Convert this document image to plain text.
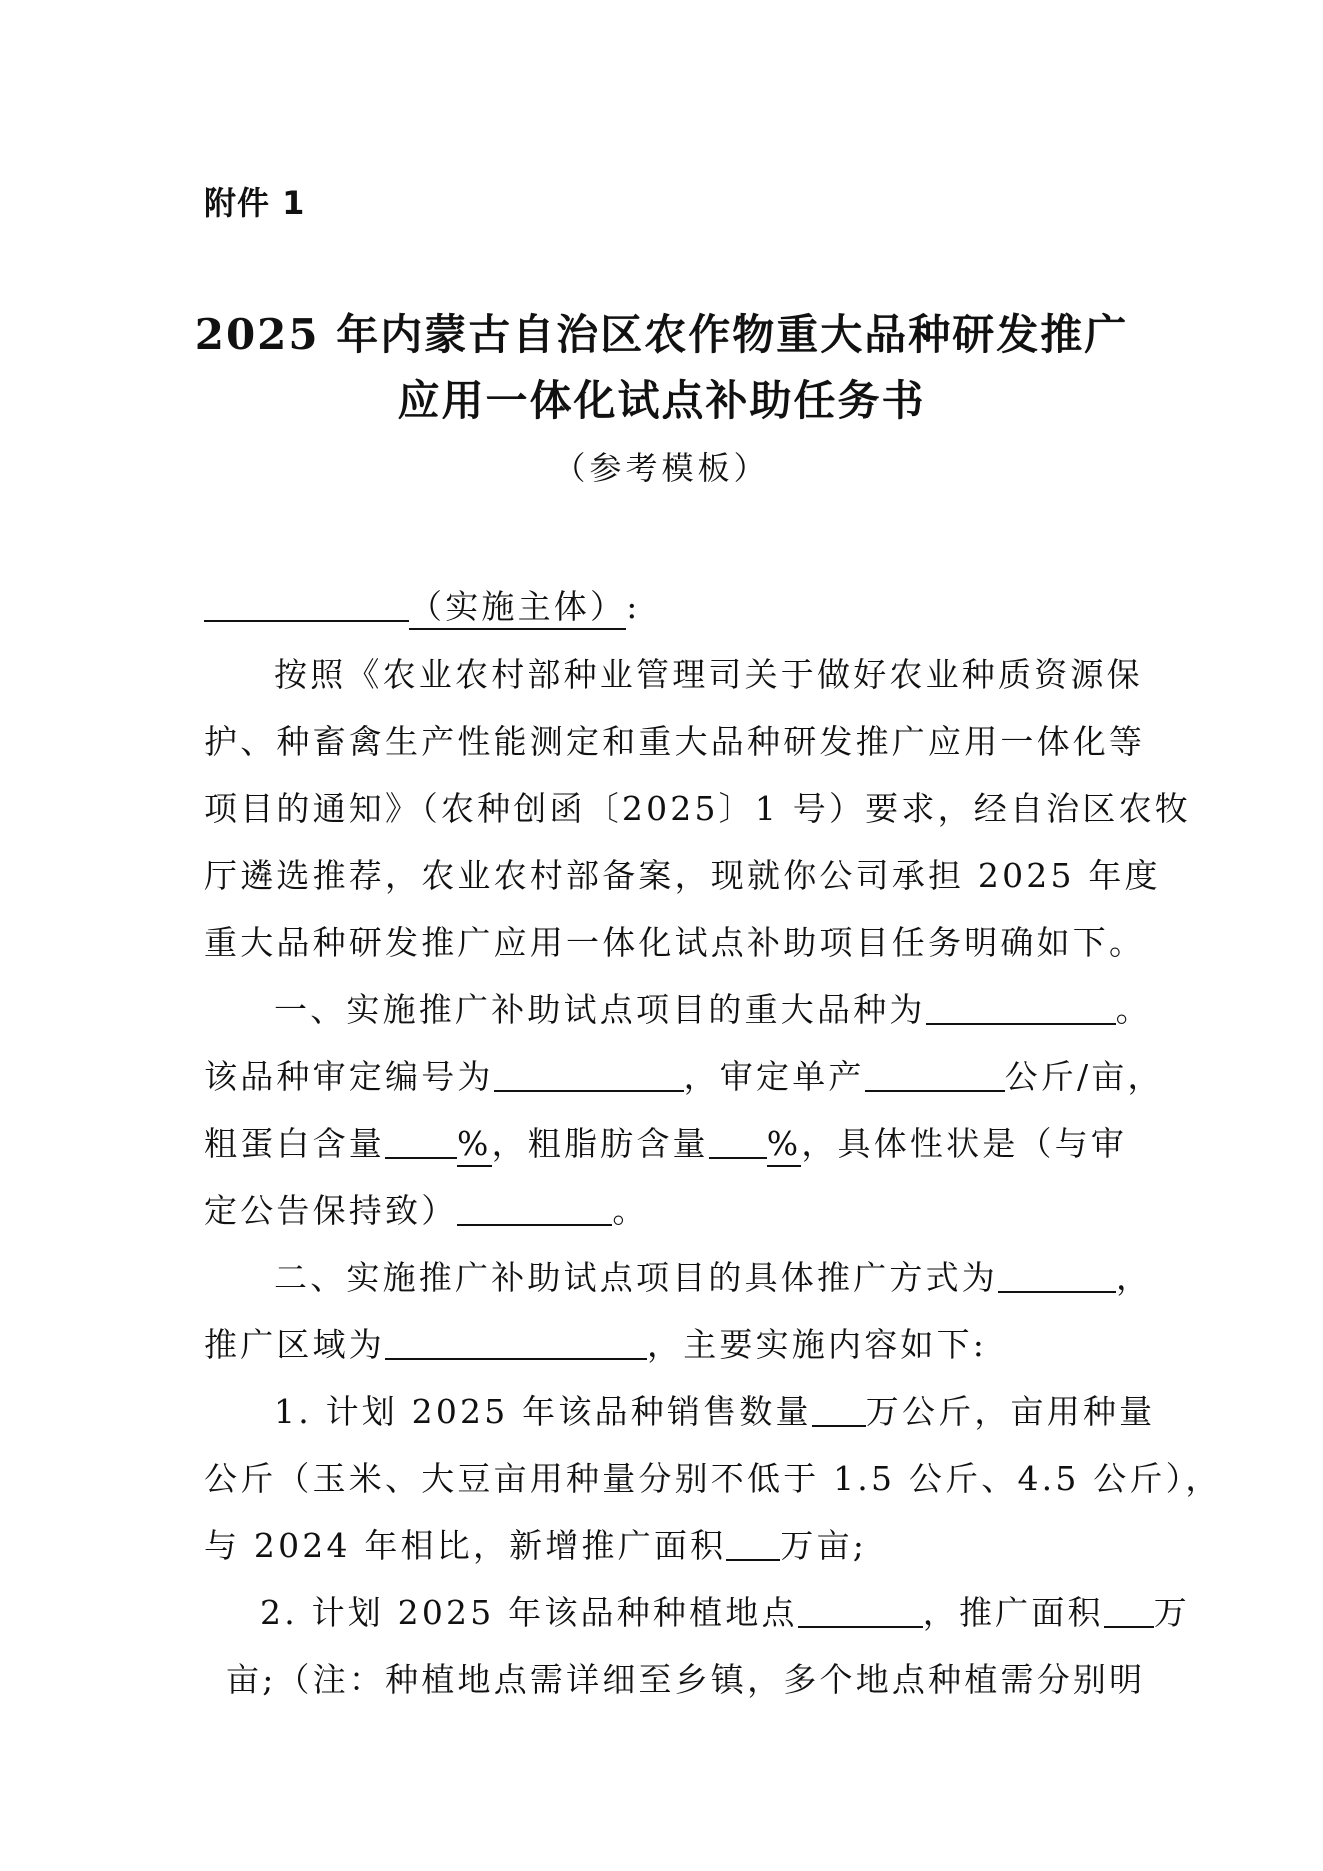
附件 1
2025 年内蒙古自治区农作物重大品种研发推广
应用一体化试点补助任务书
（参考模板）
（实施主体）:
按照《农业农村部种业管理司关于做好农业种质资源保
护、种畜禽生产性能测定和重大品种研发推广应用一体化等
项目的通知》（农种创函〔2025〕1 号）要求，经自治区农牧
厅遴选推荐，农业农村部备案，现就你公司承担 2025 年度
重大品种研发推广应用一体化试点补助项目任务明确如下。
一、实施推广补助试点项目的重大品种为	。
该品种审定编号为	，审定单产	公斤/亩，
粗蛋白含量 %，粗脂肪含量 %，具体性状是（与审
定公告保持致）	。
二、实施推广补助试点项目的具体推广方式为	，
推广区域为	，主要实施内容如下:
1. 计划 2025 年该品种销售数量 万公斤，亩用种量
公斤（玉米、大豆亩用种量分别不低于 1.5 公斤、4.5 公斤），
与 2024 年相比，新增推广面积 万亩;
2. 计划 2025 年该品种种植地点	，推广面积 万
亩;（注：种植地点需详细至乡镇，多个地点种植需分别明
